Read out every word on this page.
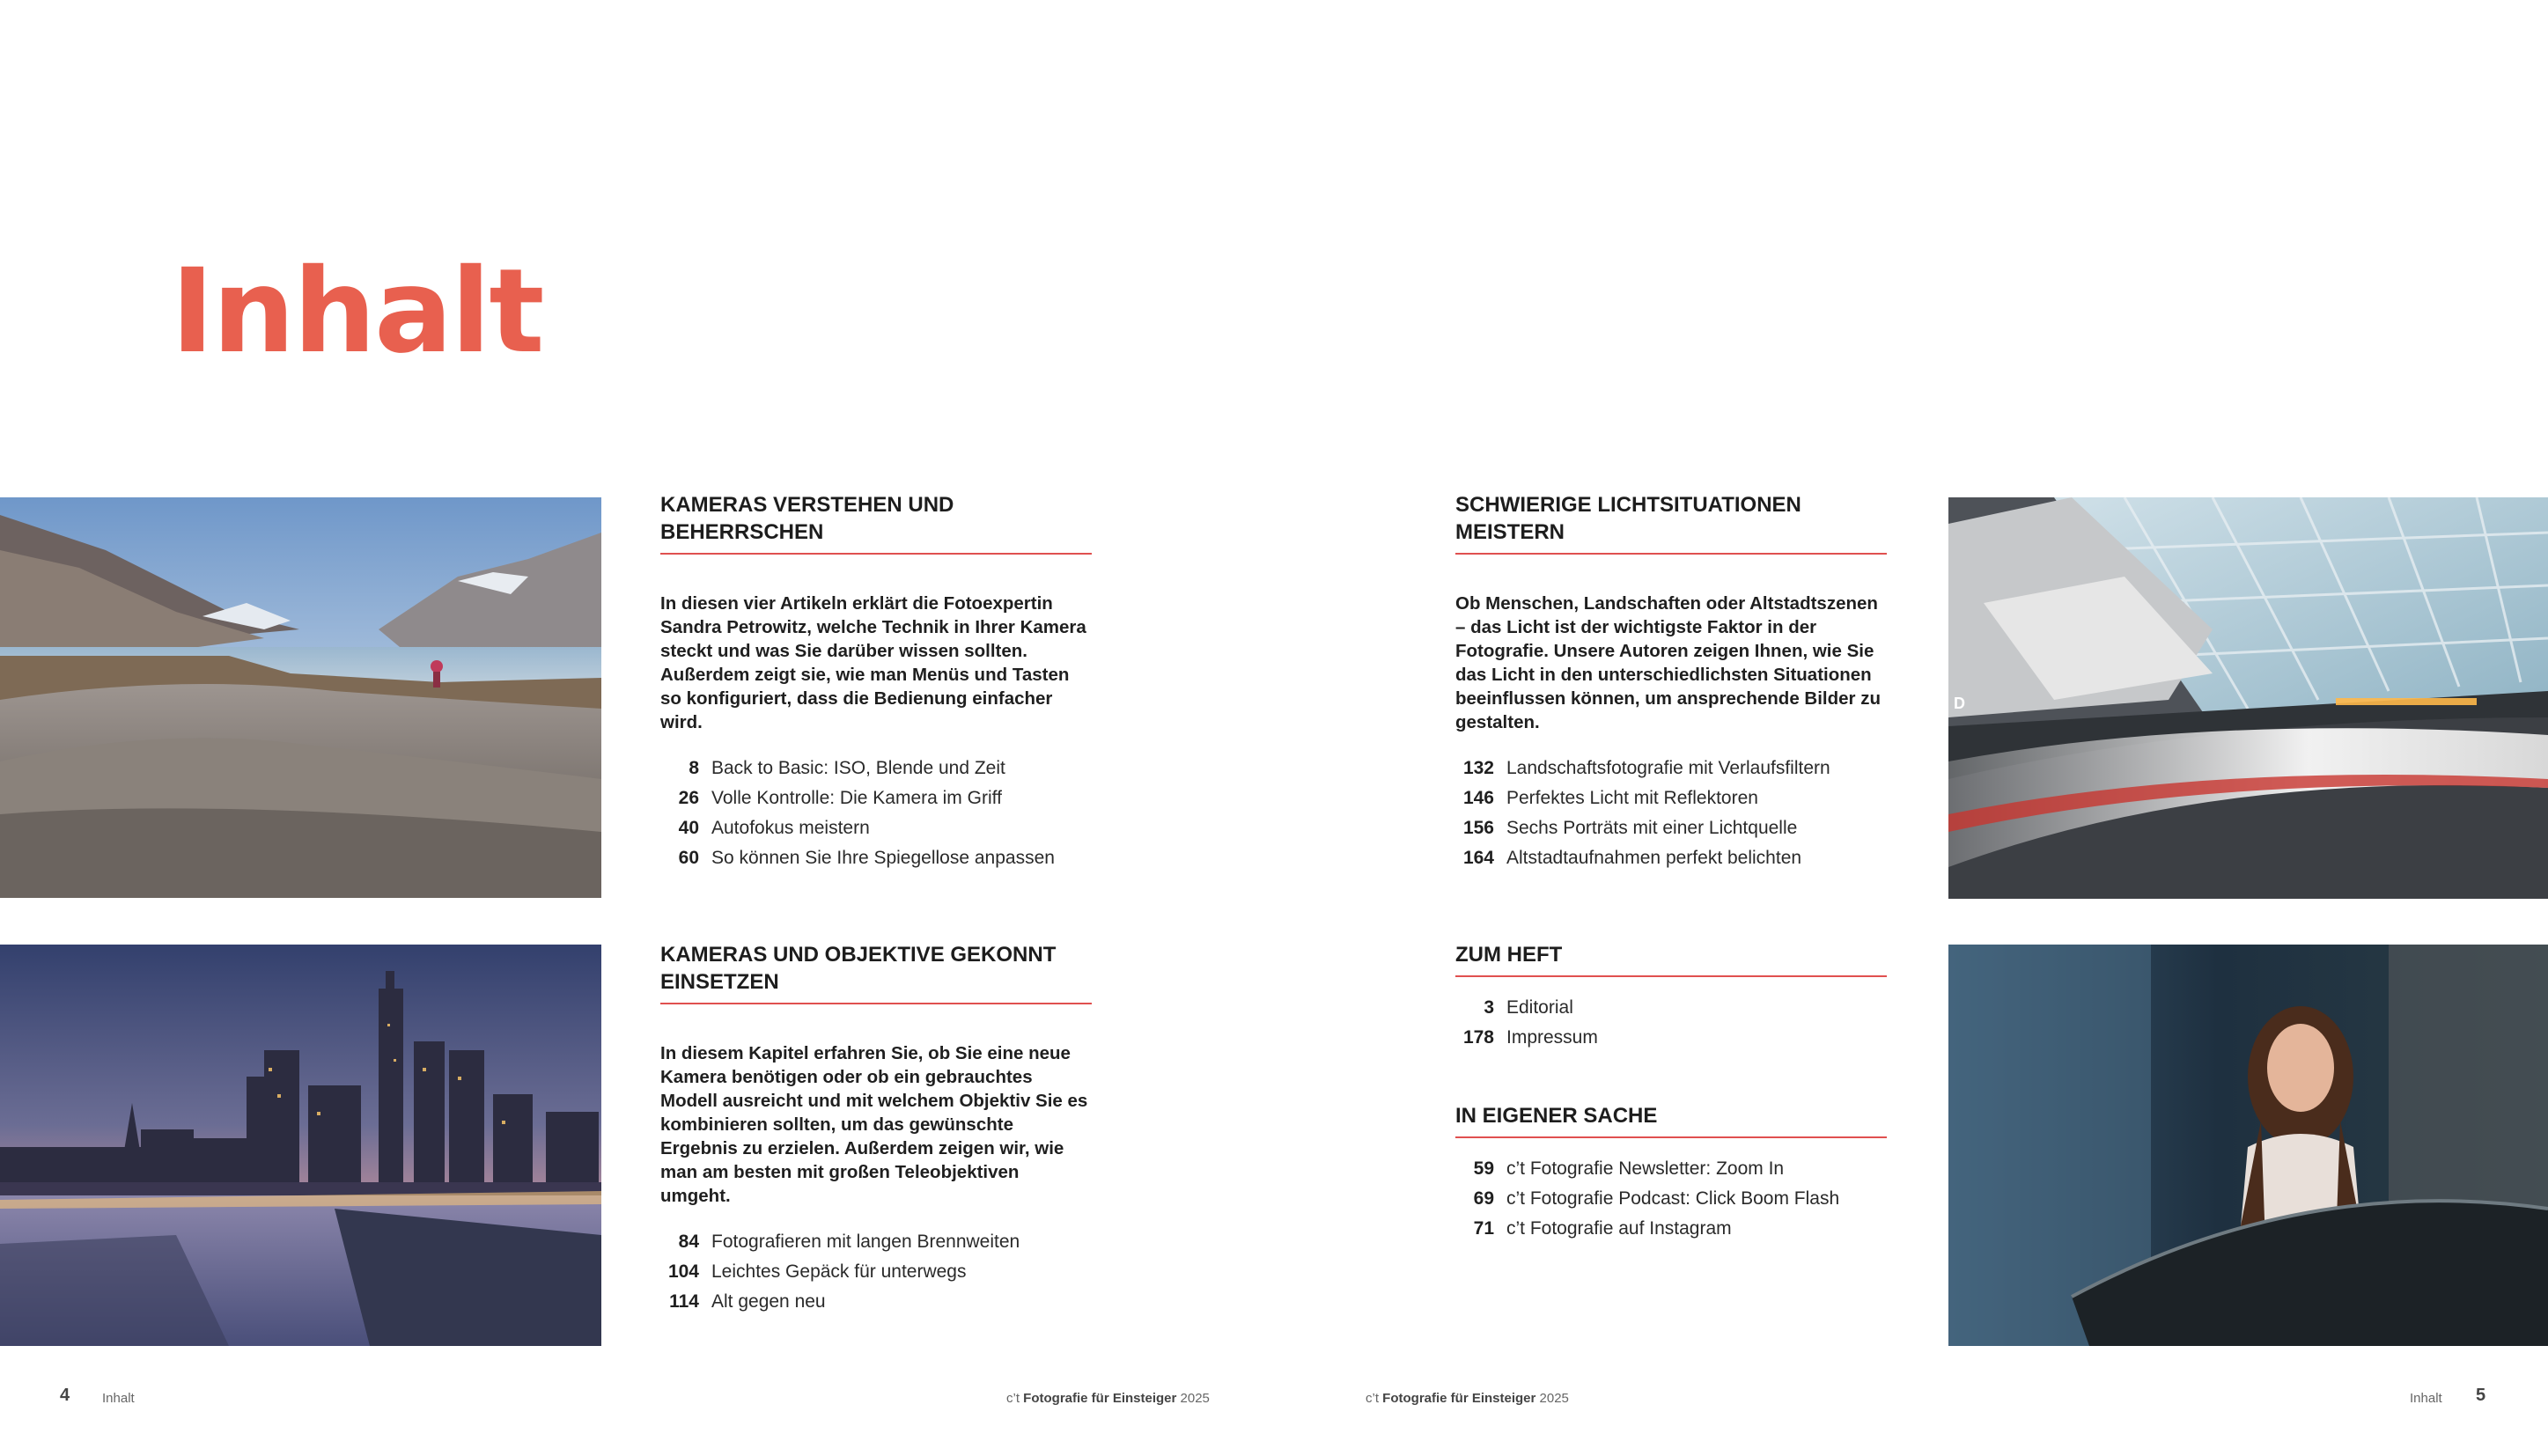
Inhalt
D
KAMERAS VERSTEHEN UND BEHERRSCHEN

In diesen vier Artikeln erklärt die Fotoexpertin Sandra Petrowitz, welche Technik in Ihrer Kamera steckt und was Sie darüber wissen sollten. Außerdem zeigt sie, wie man Menüs und Tasten so konfiguriert, dass die Bedienung einfacher wird.

8 Back to Basic: ISO, Blende und Zeit
26 Volle Kontrolle: Die Kamera im Griff
40 Autofokus meistern
60 So können Sie Ihre Spiegellose anpassen
KAMERAS UND OBJEKTIVE GEKONNT EINSETZEN

In diesem Kapitel erfahren Sie, ob Sie eine neue Kamera benötigen oder ob ein gebrauchtes Modell ausreicht und mit welchem Objektiv Sie es kombinieren sollten, um das gewünschte Ergebnis zu erzielen. Außerdem zeigen wir, wie man am besten mit großen Teleobjektiven umgeht.

84 Fotografieren mit langen Brennweiten
104 Leichtes Gepäck für unterwegs
114 Alt gegen neu
SCHWIERIGE LICHTSITUATIONEN MEISTERN

Ob Menschen, Landschaften oder Altstadtszenen – das Licht ist der wichtigste Faktor in der Fotografie. Unsere Autoren zeigen Ihnen, wie Sie das Licht in den unterschiedlichsten Situationen beeinflussen können, um ansprechende Bilder zu gestalten.

132 Landschaftsfotografie mit Verlaufsfiltern
146 Perfektes Licht mit Reflektoren
156 Sechs Porträts mit einer Lichtquelle
164 Altstadtaufnahmen perfekt belichten
ZUM HEFT
3 Editorial
178 Impressum
IN EIGENER SACHE
59 c’t Fotografie Newsletter: Zoom In
69 c’t Fotografie Podcast: Click Boom Flash
71 c’t Fotografie auf Instagram
4 Inhalt	c’t Fotografie für Einsteiger 2025	c’t Fotografie für Einsteiger 2025	Inhalt 5
